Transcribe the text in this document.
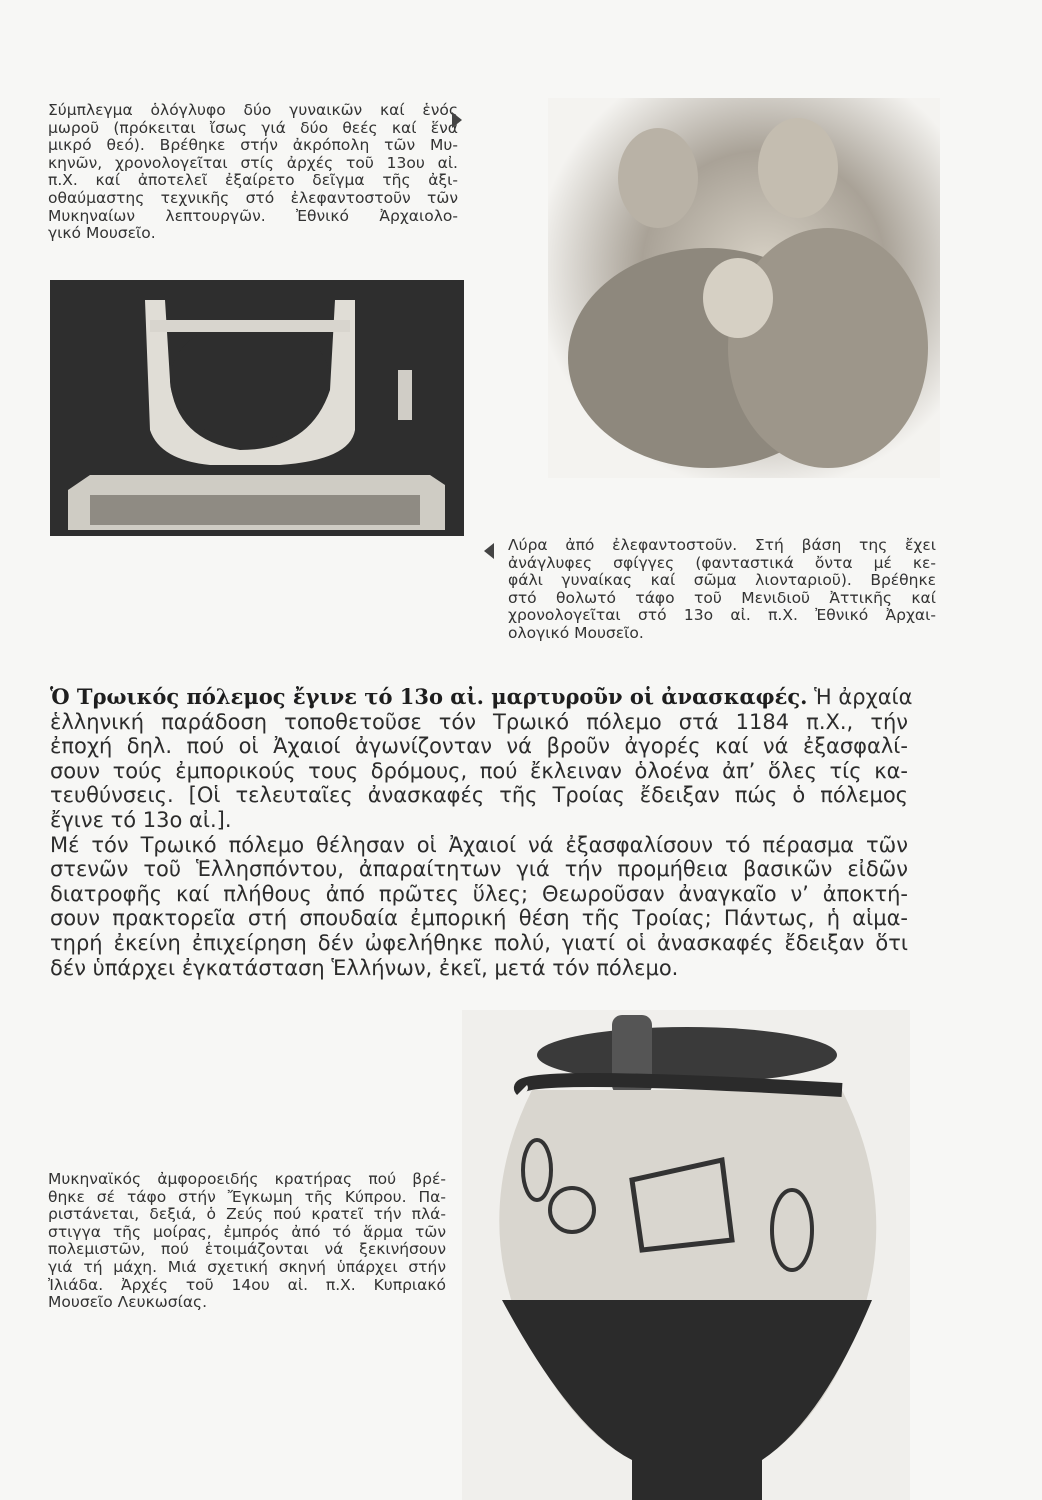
Σύμπλεγμα ὁλόγλυφο δύο γυναικῶν καί ἑνός
μωροῦ (πρόκειται ἴσως γιά δύο θεές καί ἕνα
μικρό θεό). Βρέθηκε στήν ἀκρόπολη τῶν Μυ-
κηνῶν, χρονολογεῖται στίς ἀρχές τοῦ 13ου αἰ.
π.Χ. καί ἀποτελεῖ ἐξαίρετο δεῖγμα τῆς ἀξι-
οθαύμαστης τεχνικῆς στό ἐλεφαντοστοῦν τῶν
Μυκηναίων λεπτουργῶν. Ἐθνικό Ἀρχαιολο-
γικό Μουσεῖο.
Λύρα ἀπό ἐλεφαντοστοῦν. Στή βάση της ἔχει
ἀνάγλυφες σφίγγες (φανταστικά ὄντα μέ κε-
φάλι γυναίκας καί σῶμα λιονταριοῦ). Βρέθηκε
στό θολωτό τάφο τοῦ Μενιδιοῦ Ἀττικῆς καί
χρονολογεῖται στό 13ο αἰ. π.Χ. Ἐθνικό Ἀρχαι-
ολογικό Μουσεῖο.
Ὁ Τρωικός πόλεμος ἔγινε τό 13ο αἰ. μαρτυροῦν οἱ ἀνασκαφές. Ἡ ἀρχαία
ἑλληνική παράδοση τοποθετοῦσε τόν Τρωικό πόλεμο στά 1184 π.Χ., τήν
ἐποχή δηλ. πού οἱ Ἀχαιοί ἀγωνίζονταν νά βροῦν ἀγορές καί νά ἐξασφαλί-
σουν τούς ἐμπορικούς τους δρόμους, πού ἔκλειναν ὁλοένα ἀπ’ ὅλες τίς κα-
τευθύνσεις. [Οἱ τελευταῖες ἀνασκαφές τῆς Τροίας ἔδειξαν πώς ὁ πόλεμος
ἔγινε τό 13ο αἰ.].
Μέ τόν Τρωικό πόλεμο θέλησαν οἱ Ἀχαιοί νά ἐξασφαλίσουν τό πέρασμα τῶν
στενῶν τοῦ Ἑλλησπόντου, ἀπαραίτητων γιά τήν προμήθεια βασικῶν εἰδῶν
διατροφῆς καί πλήθους ἀπό πρῶτες ὕλες; Θεωροῦσαν ἀναγκαῖο ν’ ἀποκτή-
σουν πρακτορεῖα στή σπουδαία ἐμπορική θέση τῆς Τροίας; Πάντως, ἡ αἱμα-
τηρή ἐκείνη ἐπιχείρηση δέν ὠφελήθηκε πολύ, γιατί οἱ ἀνασκαφές ἔδειξαν ὅτι
δέν ὑπάρχει ἐγκατάσταση Ἑλλήνων, ἐκεῖ, μετά τόν πόλεμο.
Μυκηναϊκός ἀμφοροειδής κρατήρας πού βρέ-
θηκε σέ τάφο στήν Ἔγκωμη τῆς Κύπρου. Πα-
ριστάνεται, δεξιά, ὁ Ζεύς πού κρατεῖ τήν πλά-
στιγγα τῆς μοίρας, ἐμπρός ἀπό τό ἅρμα τῶν
πολεμιστῶν, πού ἑτοιμάζονται νά ξεκινήσουν
γιά τή μάχη. Μιά σχετική σκηνή ὑπάρχει στήν
Ἰλιάδα. Ἀρχές τοῦ 14ου αἰ. π.Χ. Κυπριακό
Μουσεῖο Λευκωσίας.
